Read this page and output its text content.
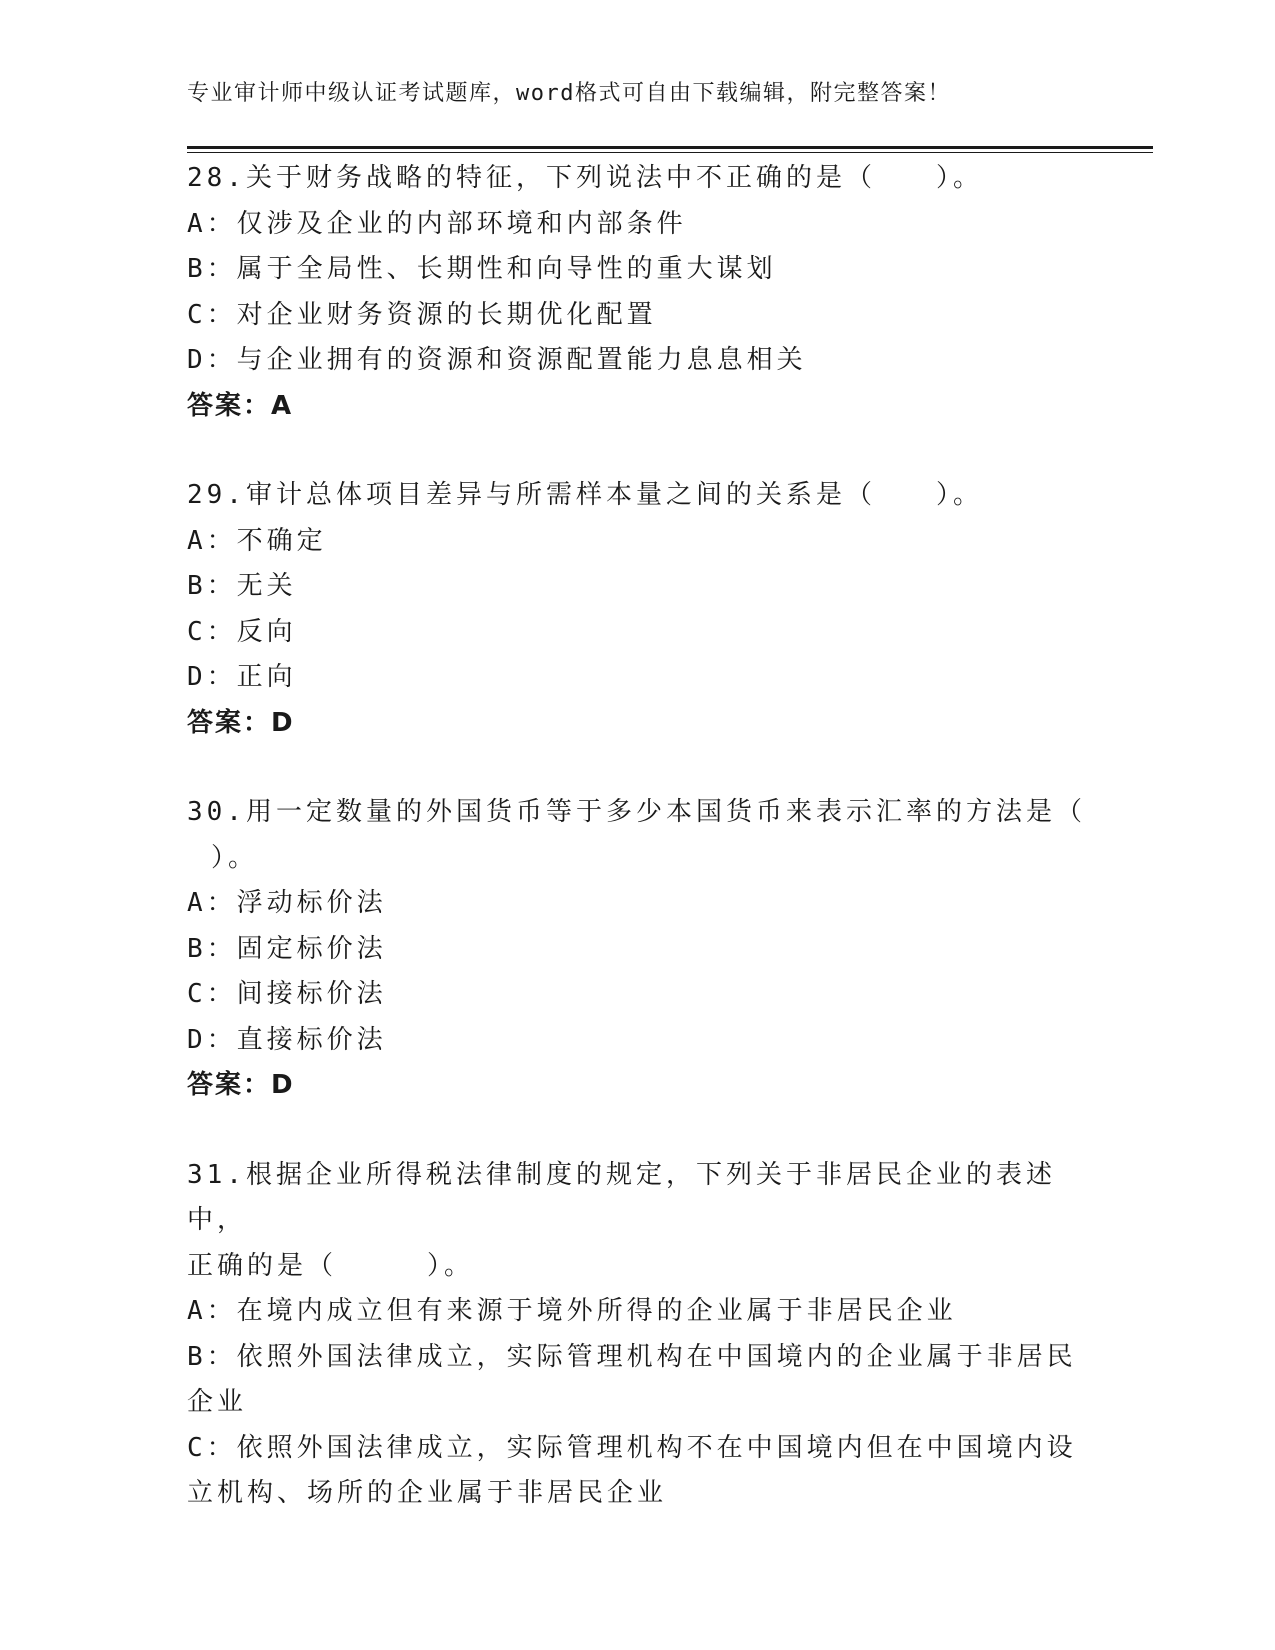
专业审计师中级认证考试题库，word格式可自由下载编辑，附完整答案！
28.关于财务战略的特征，下列说法中不正确的是（　　）。
A：仅涉及企业的内部环境和内部条件
B：属于全局性、长期性和向导性的重大谋划
C：对企业财务资源的长期优化配置
D：与企业拥有的资源和资源配置能力息息相关
答案：A
29.审计总体项目差异与所需样本量之间的关系是（　　）。
A：不确定
B：无关
C：反向
D：正向
答案：D
30.用一定数量的外国货币等于多少本国货币来表示汇率的方法是（
）。
A：浮动标价法
B：固定标价法
C：间接标价法
D：直接标价法
答案：D
31.根据企业所得税法律制度的规定，下列关于非居民企业的表述中，
正确的是（　　　）。
A：在境内成立但有来源于境外所得的企业属于非居民企业
B：依照外国法律成立，实际管理机构在中国境内的企业属于非居民企业
C：依照外国法律成立，实际管理机构不在中国境内但在中国境内设立机构、场所的企业属于非居民企业
